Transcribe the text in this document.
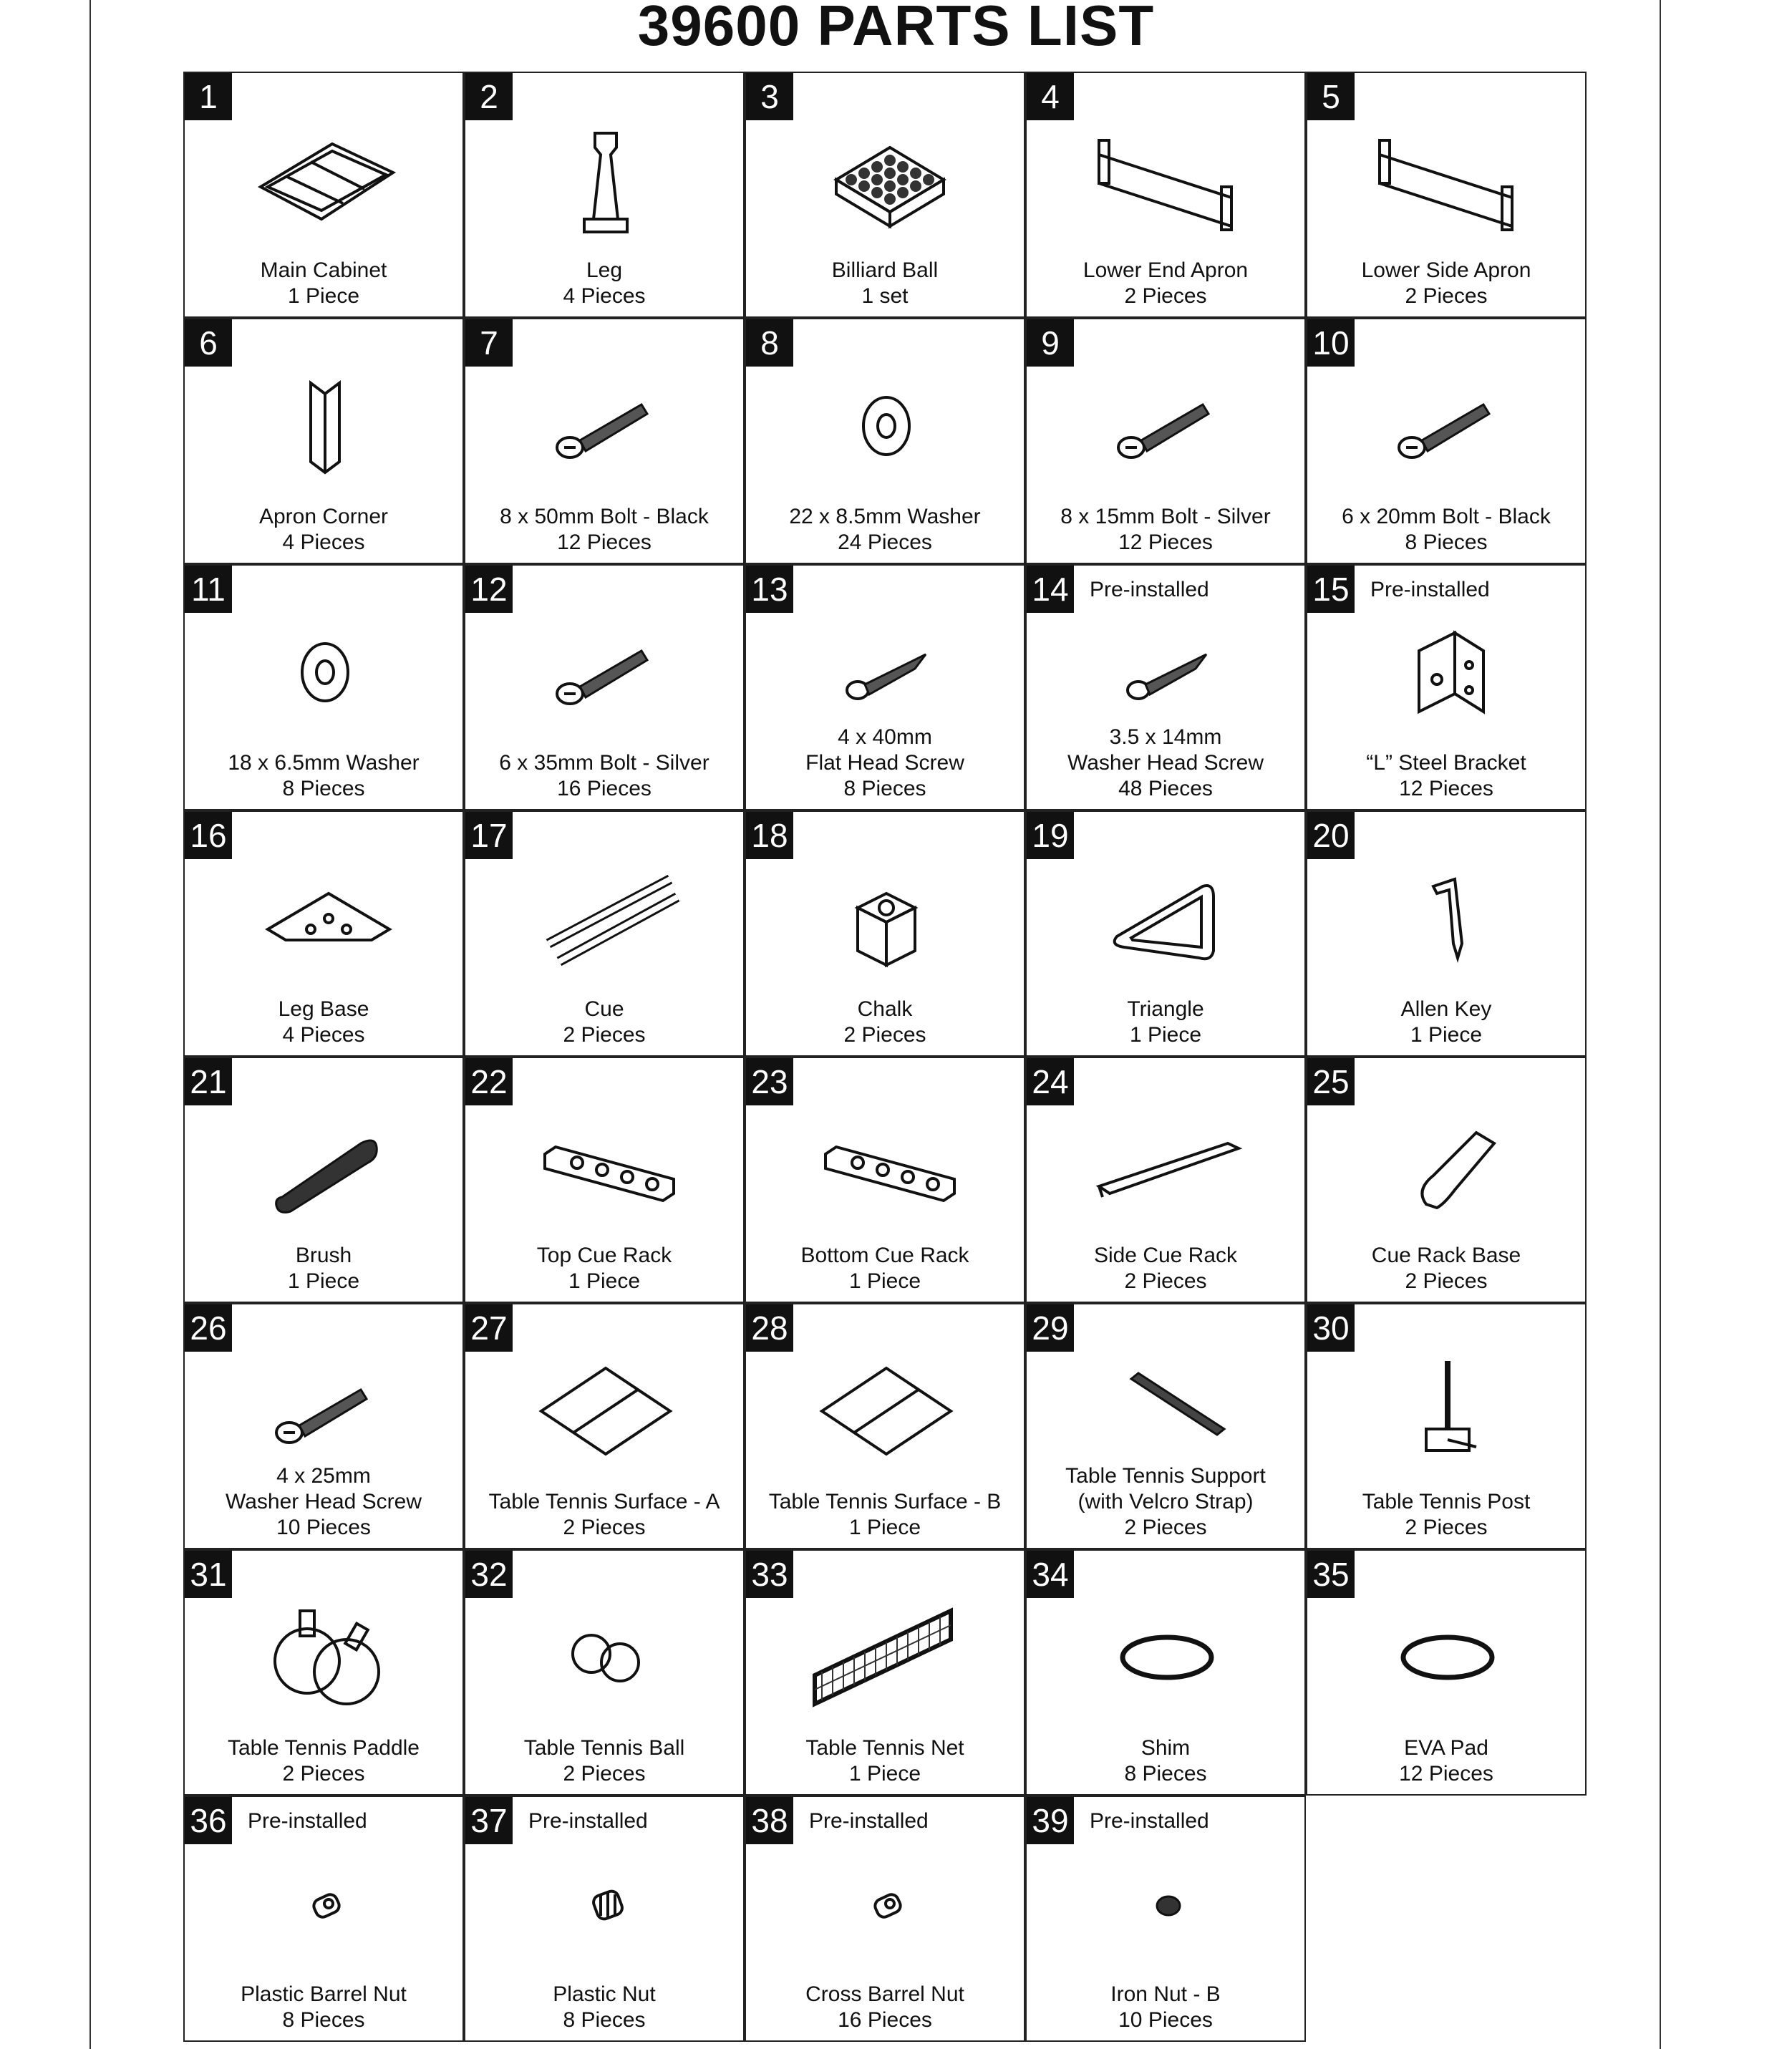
39600 PARTS LIST
1
Main Cabinet
1 Piece
2
Leg
4 Pieces
3
Billiard Ball
1 set
4
Lower End Apron
2 Pieces
5
Lower Side Apron
2 Pieces
6
Apron Corner
4 Pieces
7
8 x 50mm Bolt - Black
12 Pieces
8
22 x 8.5mm Washer
24 Pieces
9
8 x 15mm Bolt - Silver
12 Pieces
10
6 x 20mm Bolt - Black
8 Pieces
11
18 x 6.5mm Washer
8 Pieces
12
6 x 35mm Bolt - Silver
16 Pieces
13
4 x 40mm
Flat Head Screw
8 Pieces
14 Pre-installed
3.5 x 14mm
Washer Head Screw
48 Pieces
15 Pre-installed
“L” Steel Bracket
12 Pieces
16
Leg Base
4 Pieces
17
Cue
2 Pieces
18
Chalk
2 Pieces
19
Triangle
1 Piece
20
Allen Key
1 Piece
21
Brush
1 Piece
22
Top Cue Rack
1 Piece
23
Bottom Cue Rack
1 Piece
24
Side Cue Rack
2 Pieces
25
Cue Rack Base
2 Pieces
26
4 x 25mm
Washer Head Screw
10 Pieces
27
Table Tennis Surface - A
2 Pieces
28
Table Tennis Surface - B
1 Piece
29
Table Tennis Support
(with Velcro Strap)
2 Pieces
30
Table Tennis Post
2 Pieces
31
Table Tennis Paddle
2 Pieces
32
Table Tennis Ball
2 Pieces
33
Table Tennis Net
1 Piece
34
Shim
8 Pieces
35
EVA Pad
12 Pieces
36 Pre-installed
Plastic Barrel Nut
8 Pieces
37 Pre-installed
Plastic Nut
8 Pieces
38 Pre-installed
Cross Barrel Nut
16 Pieces
39 Pre-installed
Iron Nut - B
10 Pieces
